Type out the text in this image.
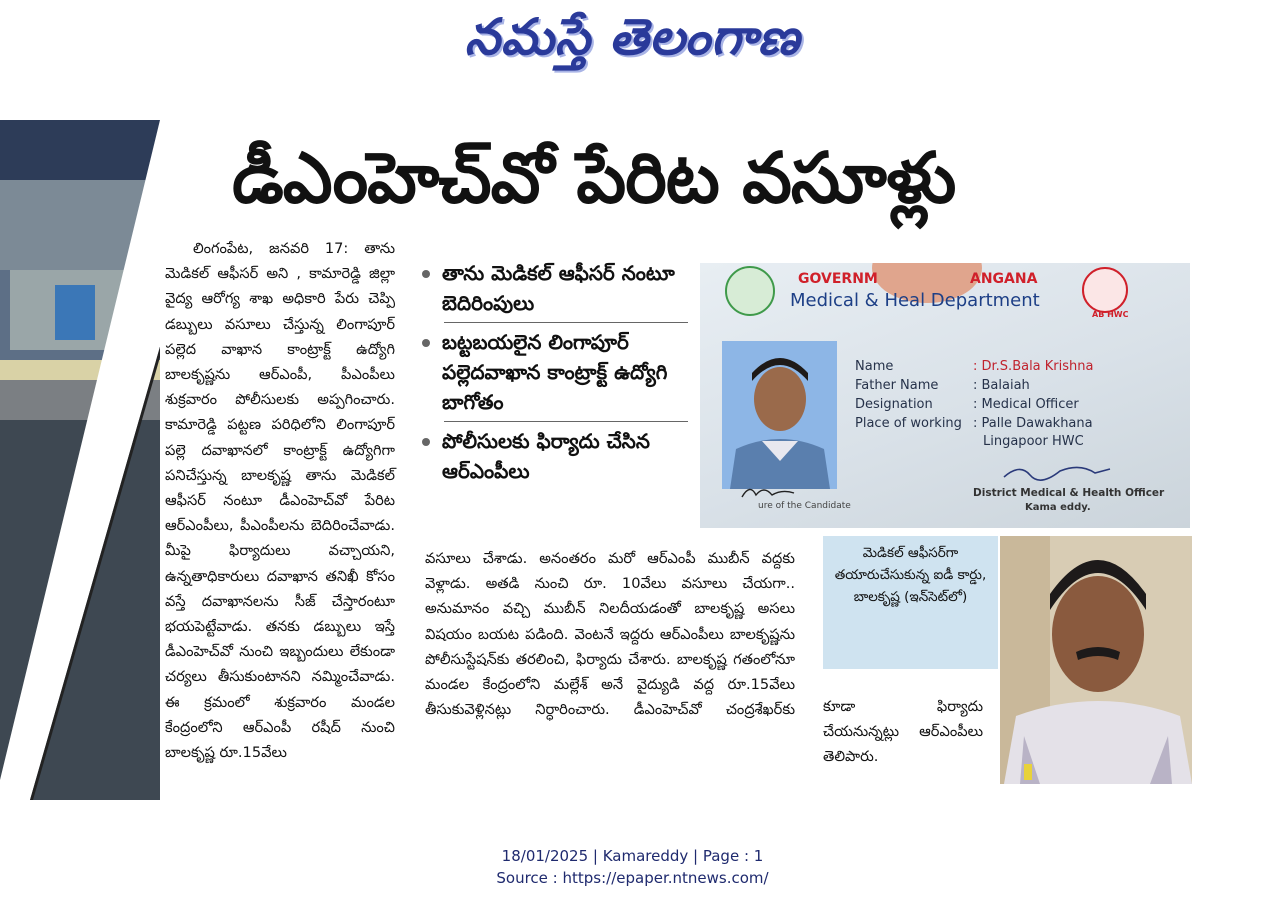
నమస్తే తెలంగాణ
డీఎంహెచ్‌వో పేరిట వసూళ్లు

లింగంపేట, జనవరి 17: తాను మెడికల్ ఆఫీసర్ అని , కామారెడ్డి జిల్లా వైద్య ఆరోగ్య శాఖ అధికారి పేరు చెప్పి డబ్బులు వసూలు చేస్తున్న లింగాపూర్ పల్లెద వాఖాన కాంట్రాక్ట్ ఉద్యోగి బాలకృష్ణను ఆర్‌ఎంపీ, పీఎంపీలు శుక్రవారం పోలీసులకు అప్పగించారు. కామారెడ్డి పట్టణ పరిధిలోని లింగాపూర్ పల్లె దవాఖానలో కాంట్రాక్ట్ ఉద్యోగిగా పనిచేస్తున్న బాలకృష్ణ తాను మెడికల్ ఆఫీసర్ నంటూ డీఎంహెచ్‌వో పేరిట ఆర్‌ఎంపీలు, పీఎంపీలను బెదిరించేవాడు. మీపై ఫిర్యాదులు వచ్చాయని, ఉన్నతాధికారులు దవాఖాన తనిఖీ కోసం వస్తే దవాఖానలను సీజ్ చేస్తారంటూ భయపెట్టేవాడు. తనకు డబ్బులు ఇస్తే డీఎంహెచ్‌వో నుంచి ఇబ్బందులు లేకుండా చర్యలు తీసుకుంటానని నమ్మించేవాడు. ఈ క్రమంలో శుక్రవారం మండల కేంద్రంలోని ఆర్‌ఎంపీ రషీద్ నుంచి బాలకృష్ణ రూ.15వేలు

తాను మెడికల్ ఆఫీసర్ నంటూ బెదిరింపులు
బట్టబయలైన లింగాపూర్ పల్లెదవాఖాన కాంట్రాక్ట్ ఉద్యోగి బాగోతం
పోలీసులకు ఫిర్యాదు చేసిన ఆర్‌ఎంపీలు
AB HWC
GOVERNM	ANGANA
Medical & Heal Department
Name	: Dr.S.Bala Krishna
Father Name	: Balaiah
Designation	: Medical Officer
Place of working : Palle Dawakhana
Lingapoor HWC
ure of the Candidate
District Medical & Health Officer
Kama eddy.

వసూలు చేశాడు. అనంతరం మరో ఆర్‌ఎంపీ ముబీన్ వద్దకు వెళ్లాడు. అతడి నుంచి రూ. 10వేలు వసూలు చేయగా.. అనుమానం వచ్చి ముబీన్ నిలదీయడంతో బాలకృష్ణ అసలు విషయం బయట పడింది. వెంటనే ఇద్దరు ఆర్‌ఎంపీలు బాలకృష్ణను పోలీసుస్టేషన్‌కు తరలించి, ఫిర్యాదు చేశారు. బాలకృష్ణ గతంలోనూ మండల కేంద్రంలోని మల్లేశ్ అనే వైద్యుడి వద్ద రూ.15వేలు తీసుకువెళ్లినట్లు నిర్ధారించారు. డీఎంహెచ్‌వో చంద్రశేఖర్‌కు

మెడికల్ ఆఫీసర్‌గా తయారుచేసుకున్న ఐడీ కార్డు, బాలకృష్ణ (ఇన్‌సెట్‌లో)

కూడా ఫిర్యాదు చేయనున్నట్లు ఆర్‌ఎంపీలు తెలిపారు.

18/01/2025 | Kamareddy | Page : 1
Source : https://epaper.ntnews.com/
